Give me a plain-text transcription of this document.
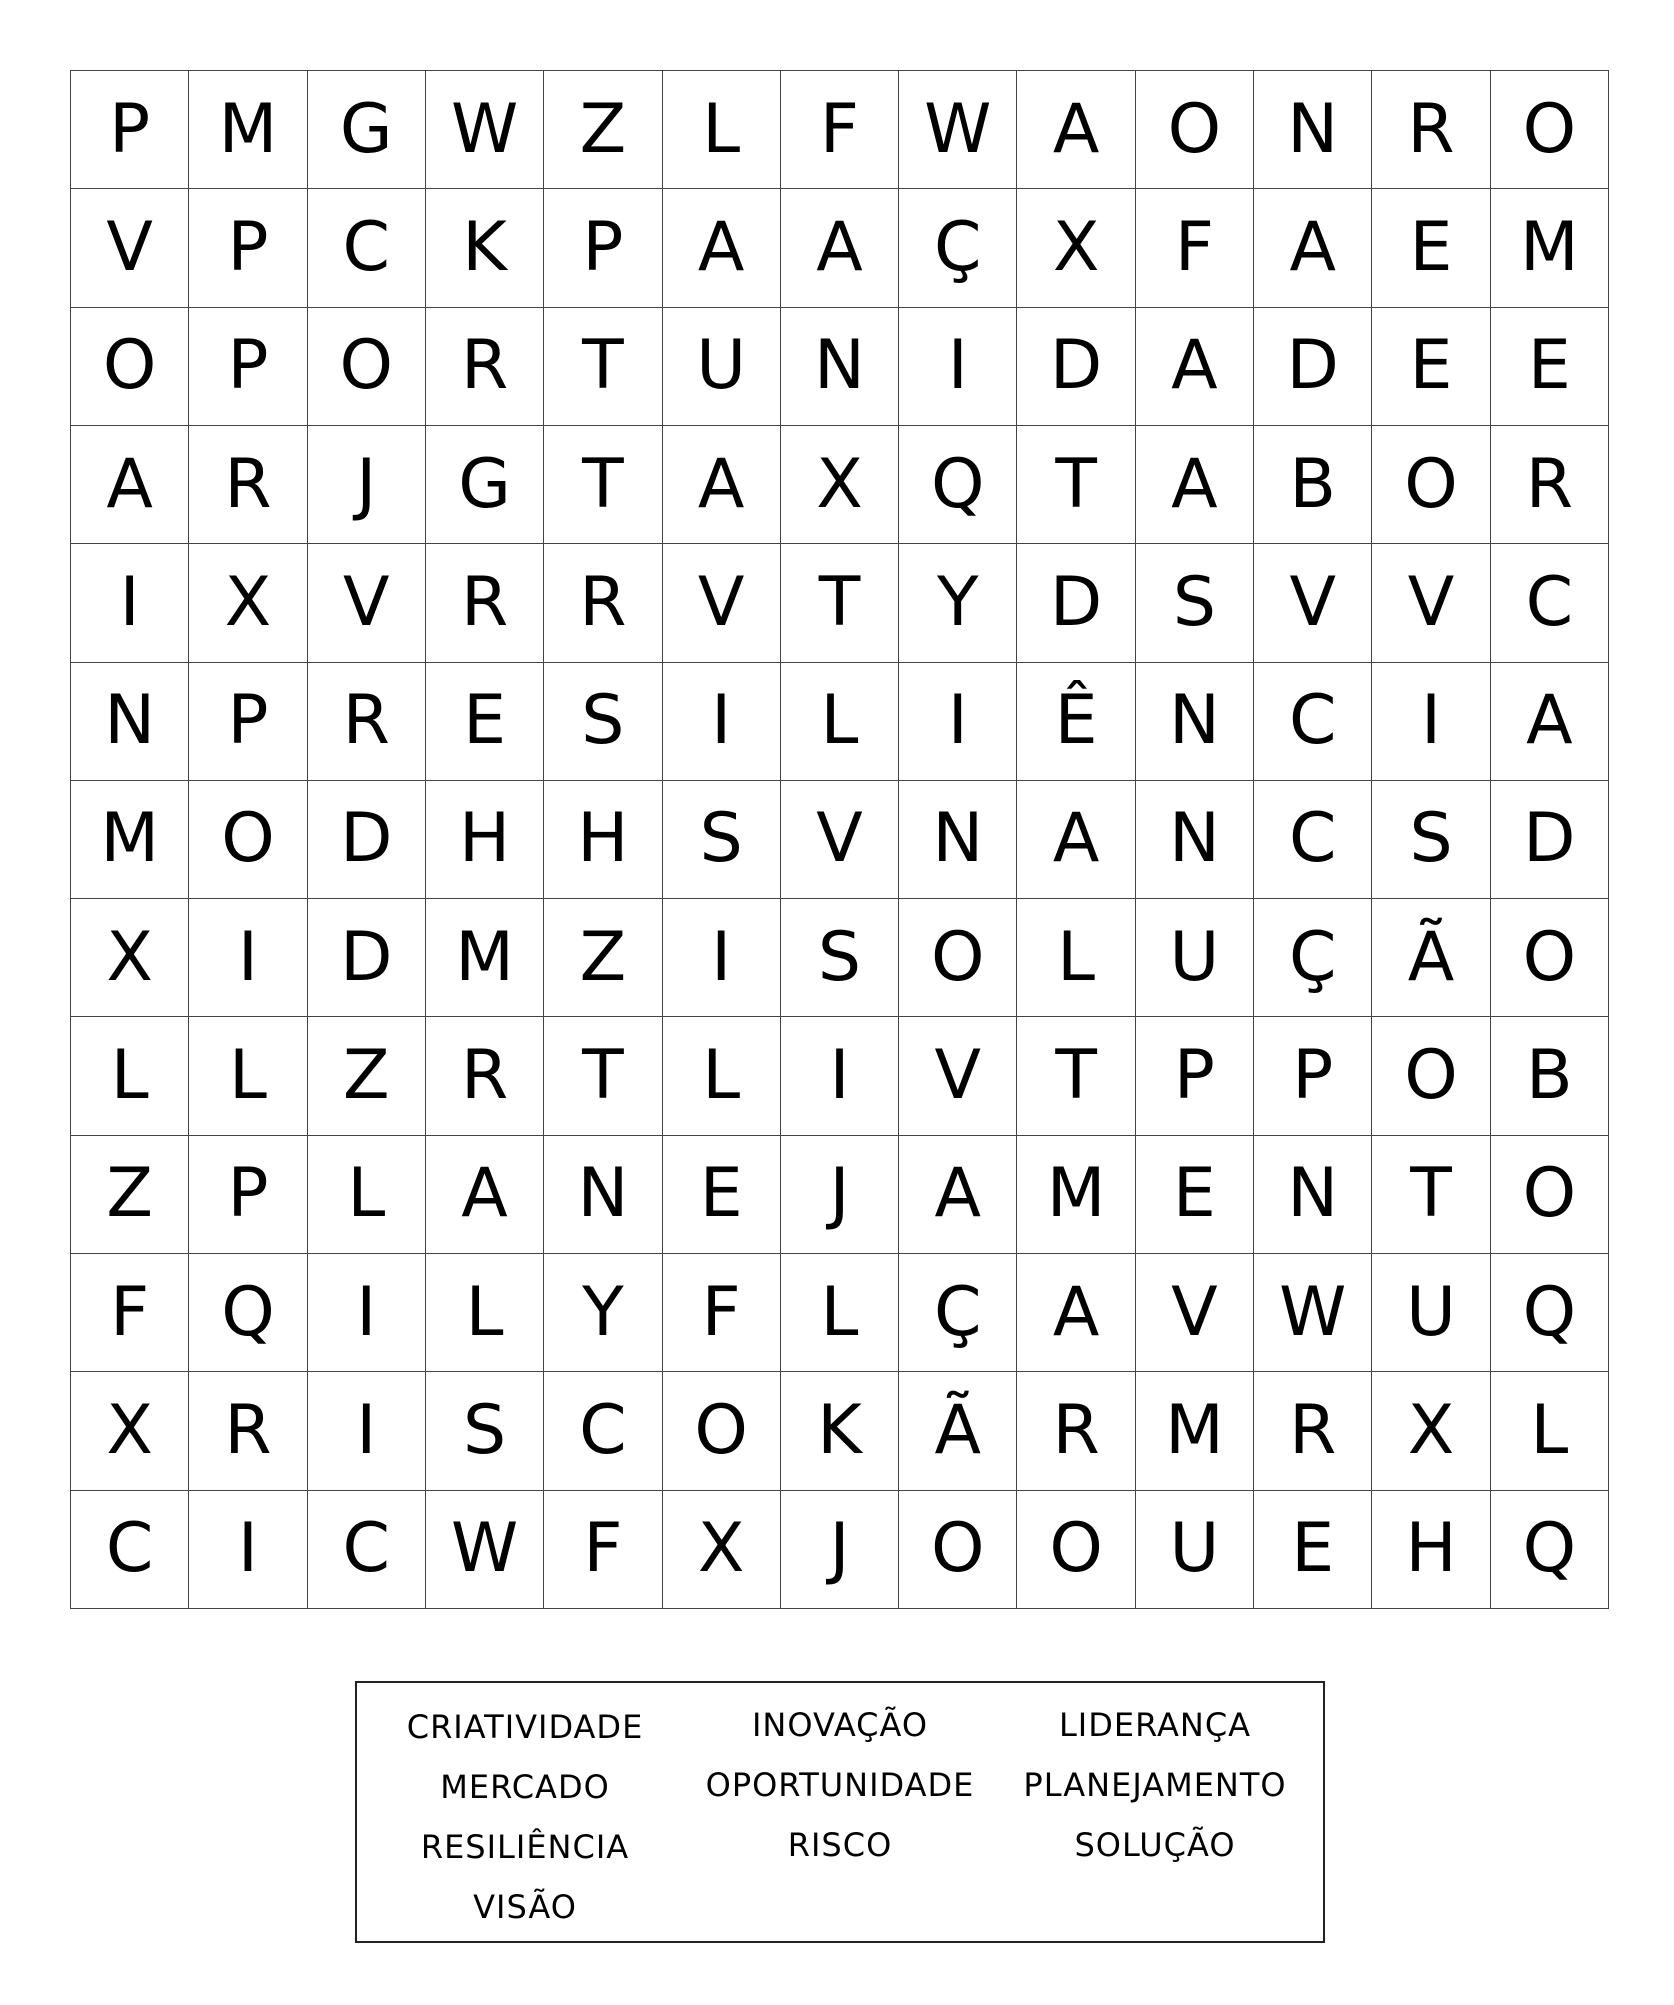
P	M G W Z	L	F W A	O N	R O
V	P	C	K	P	A	A	Ç	X	F	A	E M
O	P	O R	T	U N	I	D	A	D	E	E
A	R	J	G	T	A	X	Q	T	A	B	O R
I	X	V	R	R	V	T	Y	D	S	V	V	C
N	P	R	E	S	I	L	I	Ê	N	C	I	A
M O D H H	S	V	N	A	N	C	S	D
X	I	D M Z	I	S	O	L	U	Ç	Ã	O
L	L	Z	R	T	L	I	V	T	P	P	O	B
Z	P	L	A	N	E	J	A M E	N	T	O
F	Q	I	L	Y	F	L	Ç	A	V W U Q
X	R	I	S	C O	K	Ã	R M R	X	L
C	I	C W F	X	J	O O U	E	H Q
CRIATIVIDADE
MERCADO
RESILIÊNCIA
VISÃO
INOVAÇÃO
OPORTUNIDADE
RISCO
LIDERANÇA
PLANEJAMENTO
SOLUÇÃO
